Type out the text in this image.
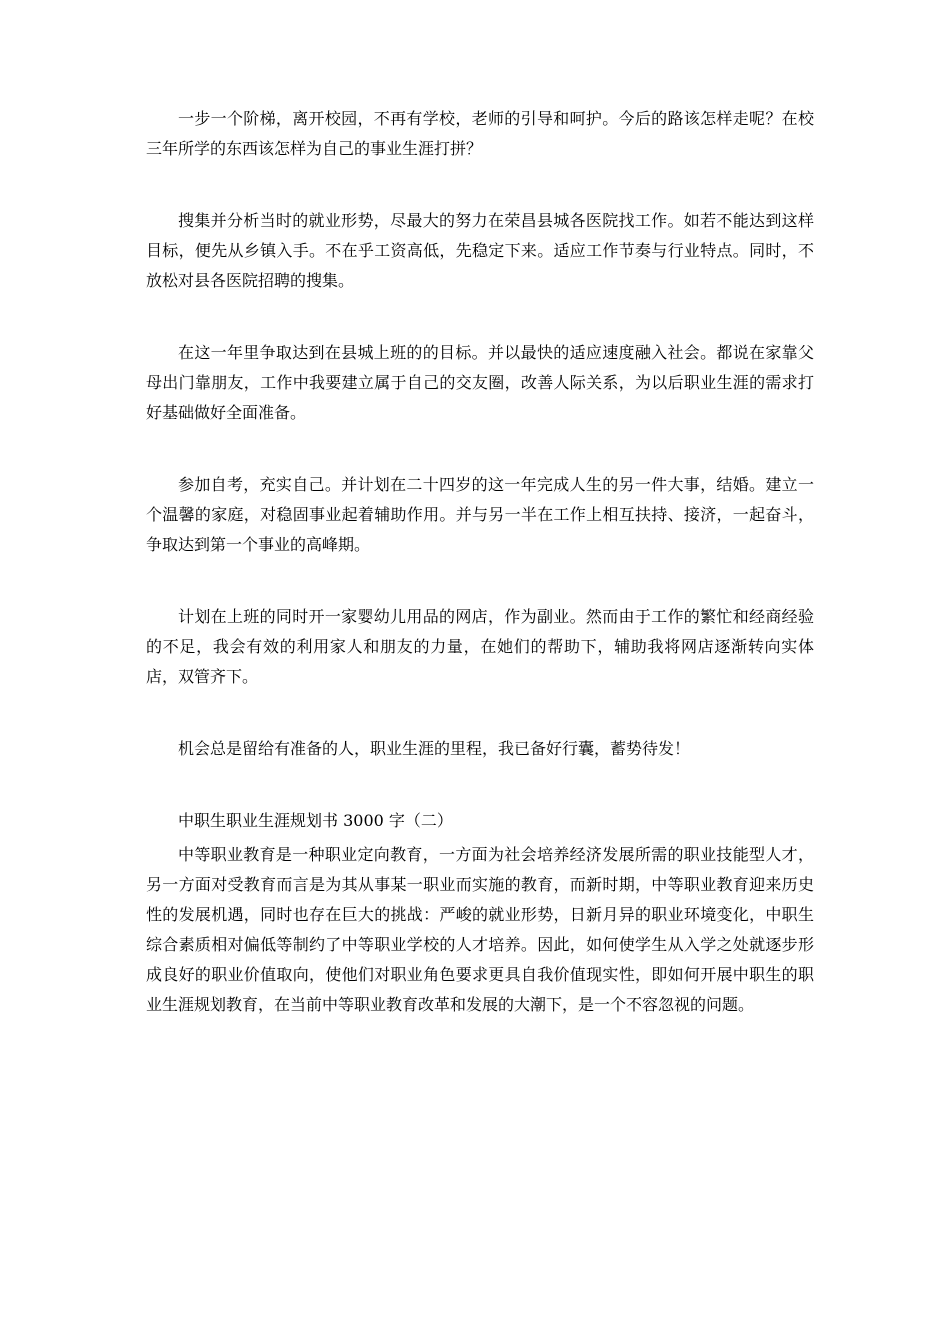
一步一个阶梯，离开校园，不再有学校，老师的引导和呵护。今后的路该怎样走呢？在校三年所学的东西该怎样为自己的事业生涯打拼？

搜集并分析当时的就业形势，尽最大的努力在荣昌县城各医院找工作。如若不能达到这样目标，便先从乡镇入手。不在乎工资高低，先稳定下来。适应工作节奏与行业特点。同时，不放松对县各医院招聘的搜集。

在这一年里争取达到在县城上班的的目标。并以最快的适应速度融入社会。都说在家靠父母出门靠朋友，工作中我要建立属于自己的交友圈，改善人际关系，为以后职业生涯的需求打好基础做好全面准备。

参加自考，充实自己。并计划在二十四岁的这一年完成人生的另一件大事，结婚。建立一个温馨的家庭，对稳固事业起着辅助作用。并与另一半在工作上相互扶持、接济，一起奋斗，争取达到第一个事业的高峰期。

计划在上班的同时开一家婴幼儿用品的网店，作为副业。然而由于工作的繁忙和经商经验的不足，我会有效的利用家人和朋友的力量，在她们的帮助下，辅助我将网店逐渐转向实体店，双管齐下。

机会总是留给有准备的人，职业生涯的里程，我已备好行囊，蓄势待发！

中职生职业生涯规划书 3000 字（二）

中等职业教育是一种职业定向教育，一方面为社会培养经济发展所需的职业技能型人才，另一方面对受教育而言是为其从事某一职业而实施的教育，而新时期，中等职业教育迎来历史性的发展机遇，同时也存在巨大的挑战：严峻的就业形势，日新月异的职业环境变化，中职生综合素质相对偏低等制约了中等职业学校的人才培养。因此，如何使学生从入学之处就逐步形成良好的职业价值取向，使他们对职业角色要求更具自我价值现实性，即如何开展中职生的职业生涯规划教育，在当前中等职业教育改革和发展的大潮下，是一个不容忽视的问题。
